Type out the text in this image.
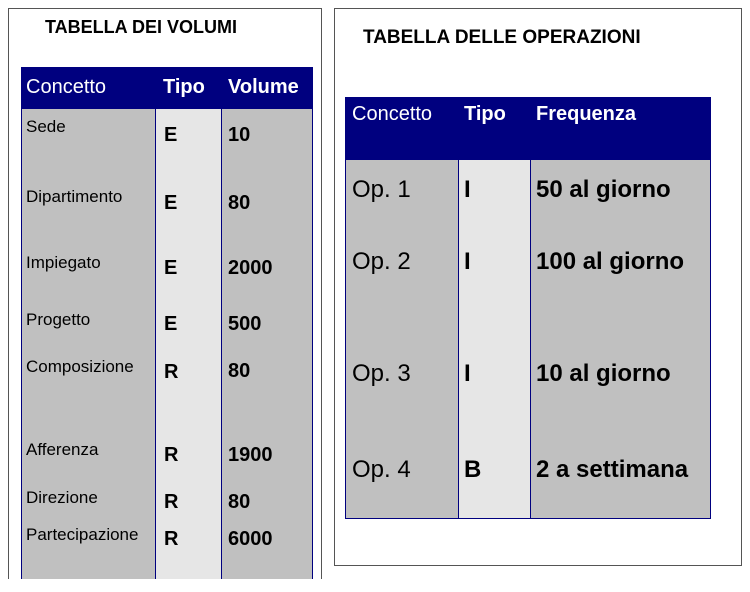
TABELLA DEI VOLUMI
Concetto	Tipo Volume
Sede	E	10
Dipartimento E	80
Impiegato	E	2000
Progetto	E	500
Composizione R 80
Afferenza	R 1900
Direzione	R 80
Partecipazione R 6000
TABELLA DELLE OPERAZIONI
Concetto Tipo Frequenza
Op. 1 I	50 al giorno
Op. 2 I	100 al giorno
Op. 3 I	10 al giorno
Op. 4 B 2 a settimana
